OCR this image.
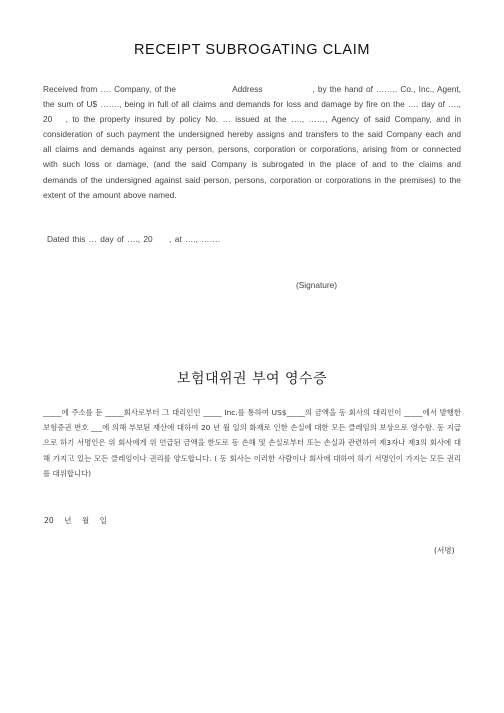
RECEIPT SUBROGATING CLAIM
Received from …. Company, of the                  Address                , by the hand of …….. Co., Inc., Agent, the sum of U$ ……., being in full of all claims and demands for loss and damage by fire on the …. day of …., 20   , to the property insured by policy No. … issued at the …., ……, Agency of said Company, and in consideration of such payment the undersigned hereby assigns and transfers to the said Company each and all claims and demands against any person, persons, corporation or corporations, arising from or connected with such loss or damage, (and the said Company is subrogated in the place of and to the claims and demands of the undersigned against said person, persons, corporation or corporations in the premises) to the extent of the amount above named.
Dated this … day of …., 20     , at …., …….
(Signature)
보험대위권 부여 영수증
_____에 주소를 둔 _____회사로부터 그 대리인인 _____ Inc.를 통하여 US$_____의 금액을 동 회사의 대리인이 _____에서 발행한 보험증권 번호 ___에 의해 부보된 재산에 대하여 20 년 월 일의 화재로 인한 손실에 대한 모든 클레임의 보상으로 영수함. 동 지급으로 하기 서명인은 위 회사에게 위 언급된 금액을 한도로 동 손해 및 손실로부터 또는 손실과 관련하여 제3자나 제3의 회사에 대해 가지고 있는 모든 클레임이나 권리를 양도합니다. ( 동 회사는 이러한 사람이나 회사에 대하여 하기 서명인이 가지는 모든 권리를 대위합니다)
20 년 월 일
(서명)
